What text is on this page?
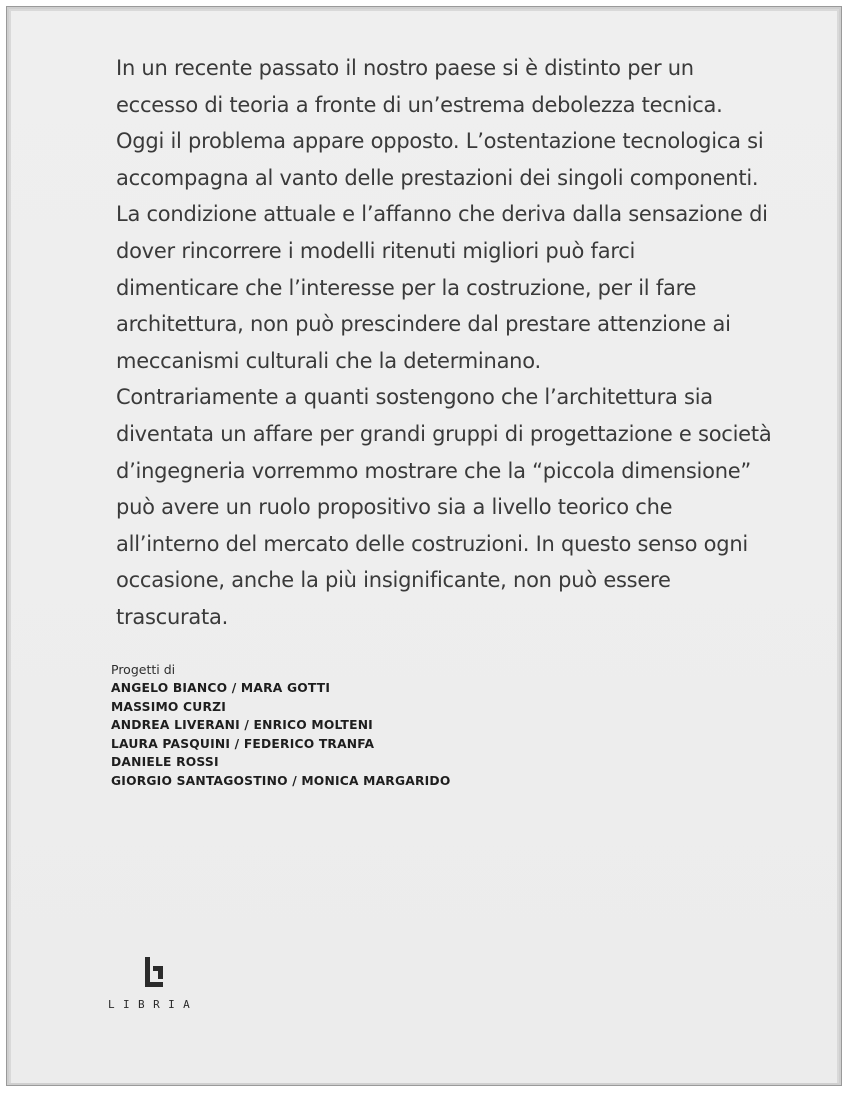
In un recente passato il nostro paese si è distinto per un
eccesso di teoria a fronte di un’estrema debolezza tecnica.
Oggi il problema appare opposto. L’ostentazione tecnologica si
accompagna al vanto delle prestazioni dei singoli componenti.
La condizione attuale e l’affanno che deriva dalla sensazione di
dover rincorrere i modelli ritenuti migliori può farci
dimenticare che l’interesse per la costruzione, per il fare
architettura, non può prescindere dal prestare attenzione ai
meccanismi culturali che la determinano.
Contrariamente a quanti sostengono che l’architettura sia
diventata un affare per grandi gruppi di progettazione e società
d’ingegneria vorremmo mostrare che la “piccola dimensione”
può avere un ruolo propositivo sia a livello teorico che
all’interno del mercato delle costruzioni. In questo senso ogni
occasione, anche la più insignificante, non può essere
trascurata.

Progetti di
ANGELO BIANCO / MARA GOTTI
MASSIMO CURZI
ANDREA LIVERANI / ENRICO MOLTENI
LAURA PASQUINI / FEDERICO TRANFA
DANIELE ROSSI
GIORGIO SANTAGOSTINO / MONICA MARGARIDO
LIBRIA
